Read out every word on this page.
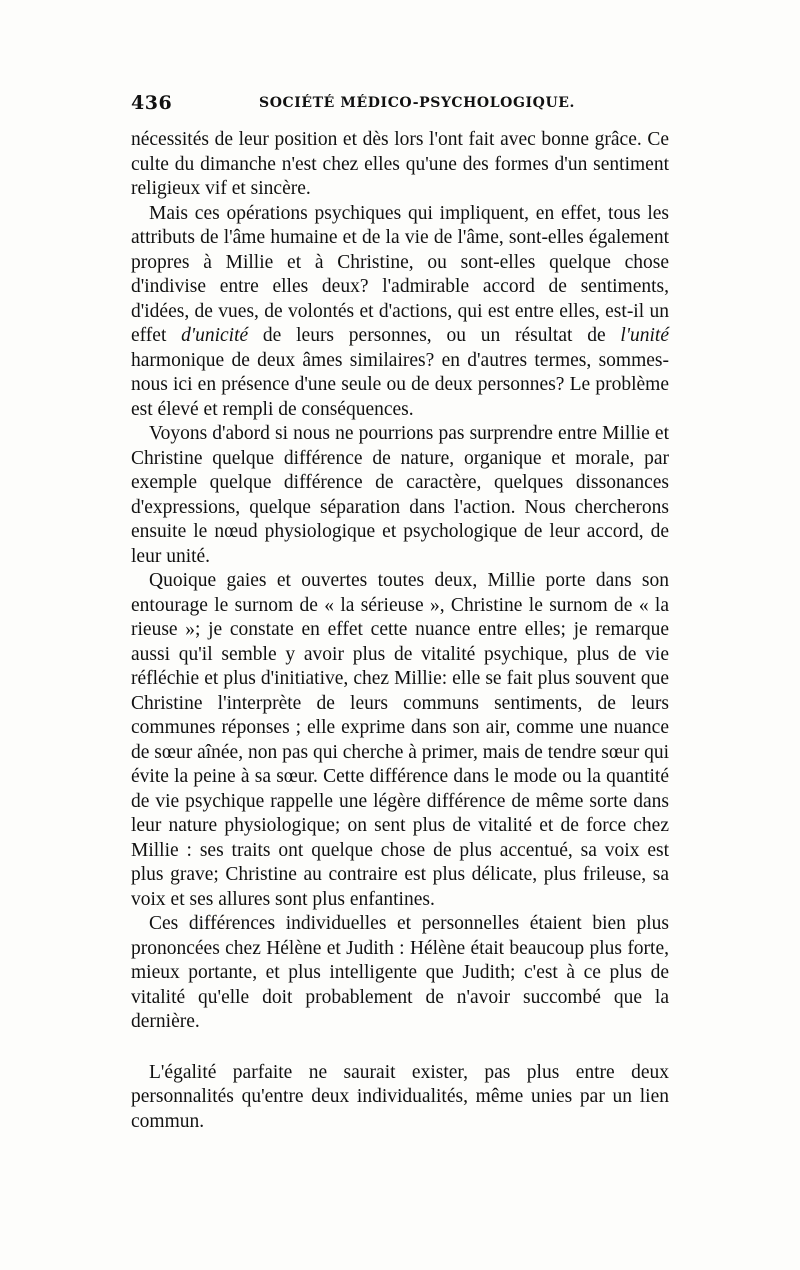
436	SOCIÉTÉ MÉDICO-PSYCHOLOGIQUE.

nécessités de leur position et dès lors l'ont fait avec bonne grâce. Ce culte du dimanche n'est chez elles qu'une des formes d'un sentiment religieux vif et sincère.

Mais ces opérations psychiques qui impliquent, en effet, tous les attributs de l'âme humaine et de la vie de l'âme, sont-elles également propres à Millie et à Christine, ou sont-elles quelque chose d'indivise entre elles deux? l'admirable accord de sentiments, d'idées, de vues, de volontés et d'actions, qui est entre elles, est-il un effet d'unicité de leurs personnes, ou un résultat de l'unité harmonique de deux âmes similaires? en d'autres termes, sommes-nous ici en présence d'une seule ou de deux personnes? Le problème est élevé et rempli de conséquences.

Voyons d'abord si nous ne pourrions pas surprendre entre Millie et Christine quelque différence de nature, organique et morale, par exemple quelque différence de caractère, quelques dissonances d'expressions, quelque séparation dans l'action. Nous chercherons ensuite le nœud physiologique et psychologique de leur accord, de leur unité.

Quoique gaies et ouvertes toutes deux, Millie porte dans son entourage le surnom de « la sérieuse », Christine le surnom de « la rieuse »; je constate en effet cette nuance entre elles; je remarque aussi qu'il semble y avoir plus de vitalité psychique, plus de vie réfléchie et plus d'initiative, chez Millie: elle se fait plus souvent que Christine l'interprète de leurs communs sentiments, de leurs communes réponses ; elle exprime dans son air, comme une nuance de sœur aînée, non pas qui cherche à primer, mais de tendre sœur qui évite la peine à sa sœur. Cette différence dans le mode ou la quantité de vie psychique rappelle une légère différence de même sorte dans leur nature physiologique; on sent plus de vitalité et de force chez Millie : ses traits ont quelque chose de plus accentué, sa voix est plus grave; Christine au contraire est plus délicate, plus frileuse, sa voix et ses allures sont plus enfantines.

Ces différences individuelles et personnelles étaient bien plus prononcées chez Hélène et Judith : Hélène était beaucoup plus forte, mieux portante, et plus intelligente que Judith; c'est à ce plus de vitalité qu'elle doit probablement de n'avoir succombé que la dernière.

L'égalité parfaite ne saurait exister, pas plus entre deux personnalités qu'entre deux individualités, même unies par un lien commun.
